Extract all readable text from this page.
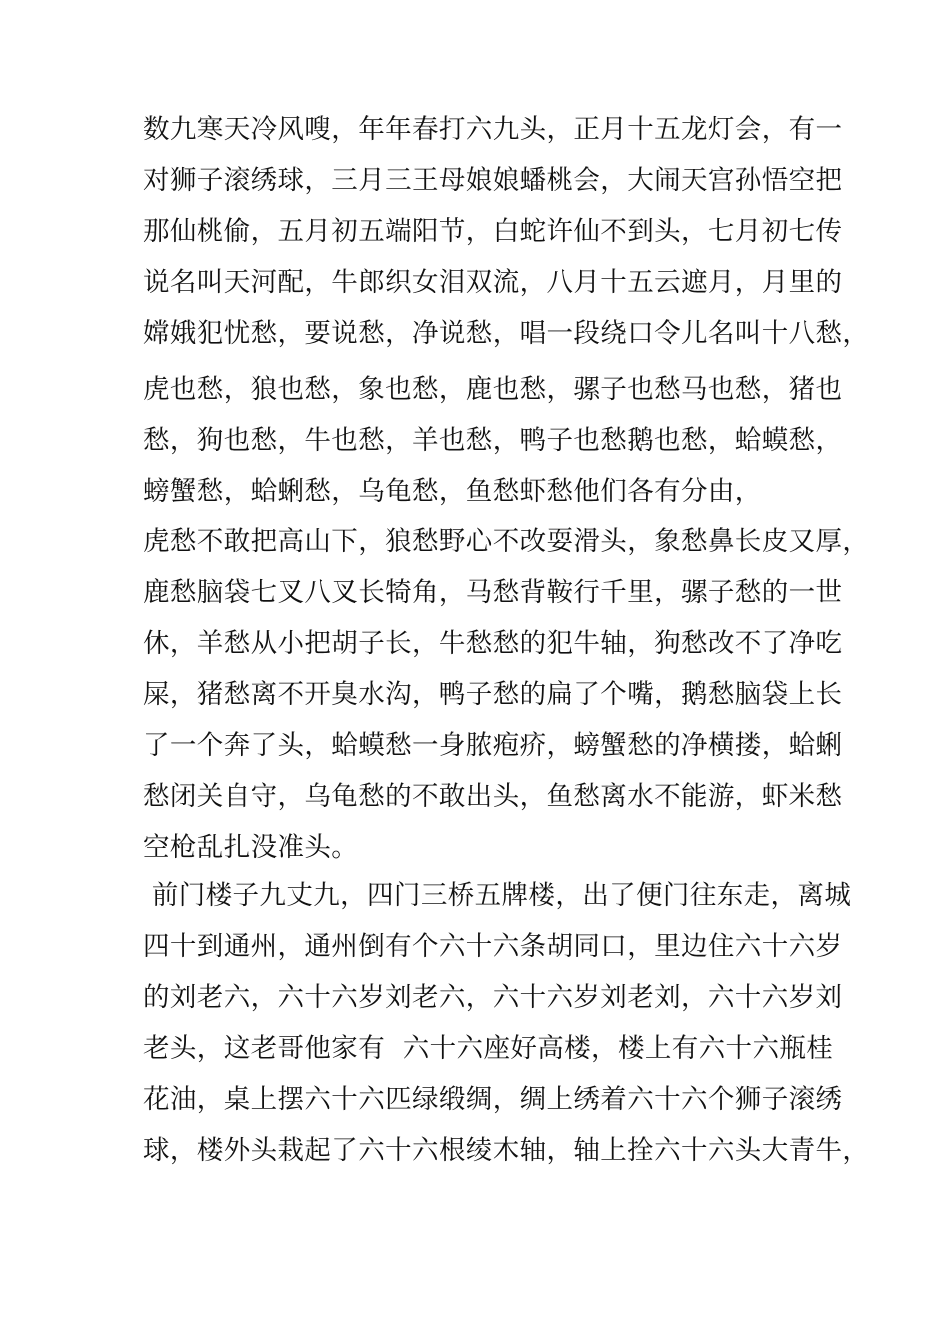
数九寒天冷风嗖，年年春打六九头，正月十五龙灯会，有一
对狮子滚绣球，三月三王母娘娘蟠桃会，大闹天宫孙悟空把
那仙桃偷，五月初五端阳节，白蛇许仙不到头，七月初七传
说名叫天河配，牛郎织女泪双流，八月十五云遮月，月里的
嫦娥犯忧愁，要说愁，净说愁，唱一段绕口令儿名叫十八愁，
虎也愁，狼也愁，象也愁，鹿也愁，骡子也愁马也愁，猪也
愁，狗也愁，牛也愁，羊也愁，鸭子也愁鹅也愁，蛤蟆愁，
螃蟹愁，蛤蜊愁，乌龟愁，鱼愁虾愁他们各有分由，
虎愁不敢把高山下，狼愁野心不改耍滑头，象愁鼻长皮又厚，
鹿愁脑袋七叉八叉长犄角，马愁背鞍行千里，骡子愁的一世
休，羊愁从小把胡子长，牛愁愁的犯牛轴，狗愁改不了净吃
屎，猪愁离不开臭水沟，鸭子愁的扁了个嘴，鹅愁脑袋上长
了一个奔了头，蛤蟆愁一身脓疱疥，螃蟹愁的净横搂，蛤蜊
愁闭关自守，乌龟愁的不敢出头，鱼愁离水不能游，虾米愁
空枪乱扎没准头。
前门楼子九丈九，四门三桥五牌楼，出了便门往东走，离城
四十到通州，通州倒有个六十六条胡同口，里边住六十六岁
的刘老六，六十六岁刘老六，六十六岁刘老刘，六十六岁刘
老头，这老哥他家有  六十六座好高楼，楼上有六十六瓶桂
花油，桌上摆六十六匹绿缎绸，绸上绣着六十六个狮子滚绣
球，楼外头栽起了六十六根绫木轴，轴上拴六十六头大青牛，
